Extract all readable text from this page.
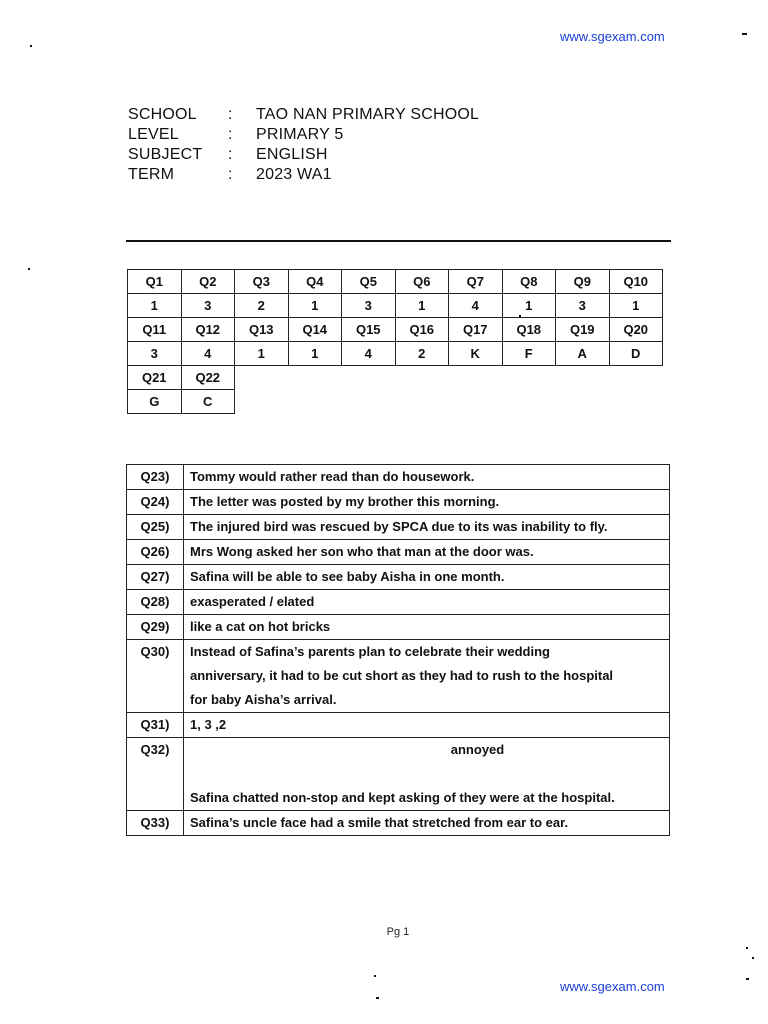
www.sgexam.com
SCHOOL	:	TAO NAN PRIMARY SCHOOL
LEVEL	:	PRIMARY 5
SUBJECT	:	ENGLISH
TERM	:	2023 WA1
Q1	Q2	Q3	Q4	Q5	Q6	Q7	Q8	Q9	Q10
1	3	2	1	3	1	4	1	3	1
Q11	Q12	Q13	Q14	Q15	Q16	Q17	Q18	Q19	Q20
3	4	1	1	4	2	K	F	A	D
Q21	Q22								
G	C								
Q23)	Tommy would rather read than do housework.

Q24)	The letter was posted by my brother this morning.

Q25)	The injured bird was rescued by SPCA due to its was inability to fly.

Q26)	Mrs Wong asked her son who that man at the door was.

Q27)	Safina will be able to see baby Aisha in one month.

Q28)	exasperated / elated

Q29)	like a cat on hot bricks

Q30)	Instead of Safina’s parents plan to celebrate their wedding
anniversary, it had to be cut short as they had to rush to the hospital
for baby Aisha’s arrival.

Q31)	1, 3 ,2

Q32)	annoyed
Safina chatted non-stop and kept asking of they were at the hospital.

Q33)	Safina’s uncle face had a smile that stretched from ear to ear.
Pg 1
www.sgexam.com
